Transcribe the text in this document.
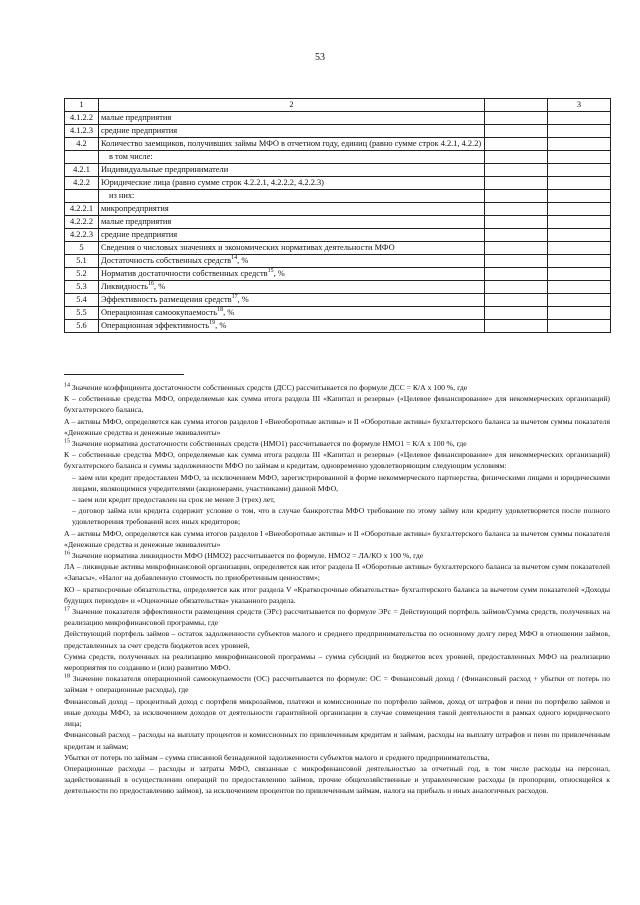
53
1	2		3
4.1.2.2	малые предприятия		
4.1.2.3	средние предприятия		
4.2	Количество заемщиков, получивших займы МФО в отчетном году, единиц (равно сумме строк 4.2.1, 4.2.2)		
	в том числе:		
4.2.1	Индивидуальные предприниматели		
4.2.2	Юридические лица (равно сумме строк 4.2.2.1, 4.2.2.2, 4.2.2.3)		
	из них:		
4.2.2.1	микропредприятия		
4.2.2.2	малые предприятия		
4.2.2.3	средние предприятия		
5	Сведения о числовых значениях и экономических нормативах деятельности МФО		
5.1	Достаточность собственных средств$^{14}$, %		
5.2	Норматив достаточности собственных средств$^{15}$, %		
5.3	Ликвидность$^{16}$, %		
5.4	Эффективность размещения средств$^{17}$, %		
5.5	Операционная самоокупаемость$^{18}$, %		
5.6	Операционная эффективность$^{19}$, %		

$^{14}$ Значение коэффициента достаточности собственных средств (ДСС) рассчитывается по формуле ДСС = К/А х 100 %, где

К – собственные средства МФО, определяемые как сумма итога раздела III «Капитал и резервы» («Целевое финансирование» для некоммерческих организаций) бухгалтерского баланса,

А – активы МФО, определяется как сумма итогов разделов I «Внеоборотные активы» и II «Оборотные активы» бухгалтерского баланса за вычетом суммы показателя «Денежные средства и денежные эквиваленты»

$^{15}$ Значение норматива достаточности собственных средств (НМО1) рассчитывается по формуле НМО1 = К/А х 100 %, где

К – собственные средства МФО, определяемые как сумма итога раздела III «Капитал и резервы» («Целевое финансирование» для некоммерческих организаций) бухгалтерского баланса и суммы задолженности МФО по займам и кредитам, одновременно удовлетворяющим следующим условиям:

– заем или кредит предоставлен МФО, за исключением МФО, зарегистрированной в форме некоммерческого партнерства, физическими лицами и юридическими лицами, являющимися учредителями (акционерами, участниками) данной МФО,

– заем или кредит предоставлен на срок не менее 3 (трех) лет,

– договор займа или кредита содержит условие о том, что в случае банкротства МФО требование по этому займу или кредиту удовлетворяется после полного удовлетворения требований всех иных кредиторов;

А – активы МФО, определяется как сумма итогов разделов I «Внеоборотные активы» и II «Оборотные активы» бухгалтерского баланса за вычетом суммы показателя «Денежные средства и денежные эквиваленты»

$^{16}$ Значение норматива ликвидности МФО (НМО2) рассчитывается по формуле. НМО2 = ЛА/КО х 100 %, где

ЛА – ликвидные активы микрофинансовой организации, определяется как итог раздела II «Оборотные активы» бухгалтерского баланса за вычетом сумм показателей «Запасы», «Налог на добавленную стоимость по приобретенным ценностям»;

КО – краткосрочные обязательства, определяется как итог раздела V «Краткосрочные обязательства» бухгалтерского баланса за вычетом сумм показателей «Доходы будущих периодов» и «Оценочные обязательства» указанного раздела.

$^{17}$ Значение показателя эффективности размещения средств (ЭРс) рассчитывается по формуле ЭРс = Действующий портфель займов/Сумма средств, полученных на реализацию микрофинансовой программы, где

Действующий портфель займов – остаток задолженности субъектов малого и среднего предпринимательства по основному долгу перед МФО в отношении займов, представленных за счет средств бюджетов всех уровней,

Сумма средств, полученных на реализацию микрофинансовой программы – сумма субсидий из бюджетов всех уровней, предоставленных МФО на реализацию мероприятия по созданию и (или) развитию МФО.

$^{18}$ Значение показателя операционной самоокупаемости (ОС) рассчитывается по формуле: ОС = Финансовый доход / (Финансовый расход + убытки от потерь по займам + операционные расходы), где

Финансовый доход – процентный доход с портфеля микрозаймов, платежи и комиссионные по портфелю займов, доход от штрафов и пени по портфелю займов и иные доходы МФО, за исключением доходов от деятельности гарантийной организации в случае совмещения такой деятельности в рамках одного юридического лица;

Финансовый расход – расходы на выплату процентов и комиссионных по привлеченным кредитам и займам, расходы на выплату штрафов и пени по привлеченным кредитам и займам;

Убытки от потерь по займам – сумма списанной безнадежной задолженности субъектов малого и среднего предпринимательства,

Операционные расходы – расходы и затраты МФО, связанные с микрофинансовой деятельностью за отчетный год, в том числе расходы на персонал, задействованный в осуществлении операций по предоставлению займов, прочие общехозяйственные и управленческие расходы (в пропорции, относящейся к деятельности по предоставлению займов), за исключением процентов по привлеченным займам, налога на прибыль и иных аналогичных расходов.
